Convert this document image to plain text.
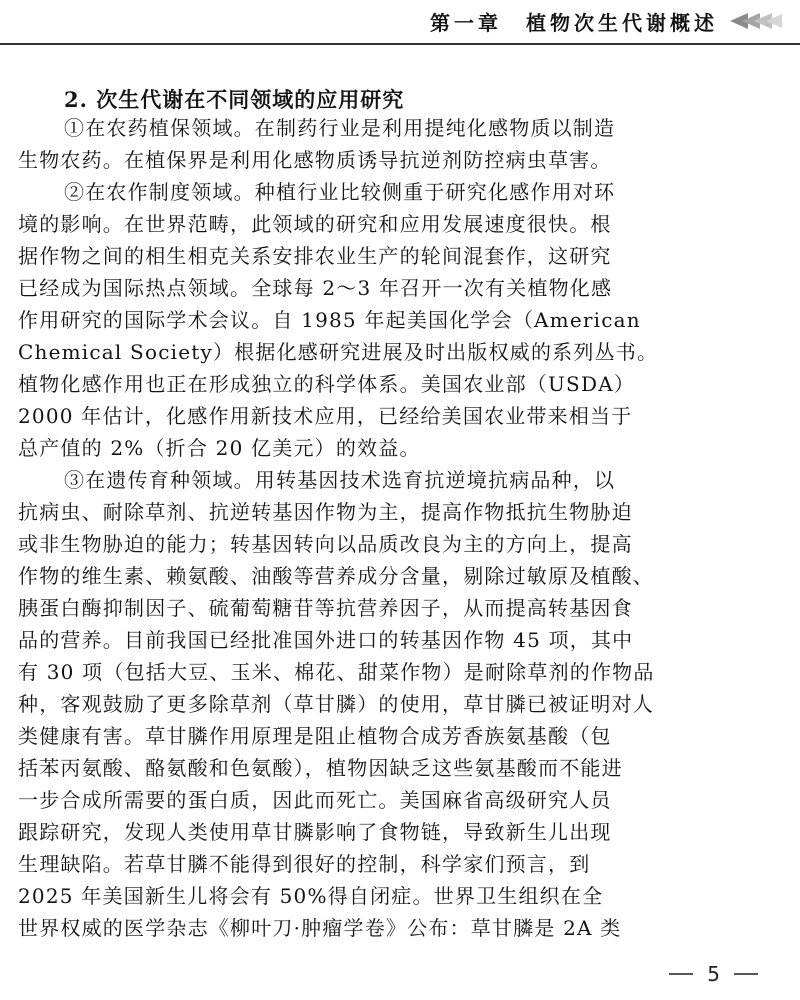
第一章　植物次生代谢概述
2. 次生代谢在不同领域的应用研究
①在农药植保领域。在制药行业是利用提纯化感物质以制造
生物农药。在植保界是利用化感物质诱导抗逆剂防控病虫草害。
②在农作制度领域。种植行业比较侧重于研究化感作用对环
境的影响。在世界范畴，此领域的研究和应用发展速度很快。根
据作物之间的相生相克关系安排农业生产的轮间混套作，这研究
已经成为国际热点领域。全球每 2～3 年召开一次有关植物化感
作用研究的国际学术会议。自 1985 年起美国化学会（American
Chemical Society）根据化感研究进展及时出版权威的系列丛书。
植物化感作用也正在形成独立的科学体系。美国农业部（USDA）
2000 年估计，化感作用新技术应用，已经给美国农业带来相当于
总产值的 2%（折合 20 亿美元）的效益。
③在遗传育种领域。用转基因技术选育抗逆境抗病品种，以
抗病虫、耐除草剂、抗逆转基因作物为主，提高作物抵抗生物胁迫
或非生物胁迫的能力；转基因转向以品质改良为主的方向上，提高
作物的维生素、赖氨酸、油酸等营养成分含量，剔除过敏原及植酸、
胰蛋白酶抑制因子、硫葡萄糖苷等抗营养因子，从而提高转基因食
品的营养。目前我国已经批准国外进口的转基因作物 45 项，其中
有 30 项（包括大豆、玉米、棉花、甜菜作物）是耐除草剂的作物品
种，客观鼓励了更多除草剂（草甘膦）的使用，草甘膦已被证明对人
类健康有害。草甘膦作用原理是阻止植物合成芳香族氨基酸（包
括苯丙氨酸、酪氨酸和色氨酸），植物因缺乏这些氨基酸而不能进
一步合成所需要的蛋白质，因此而死亡。美国麻省高级研究人员
跟踪研究，发现人类使用草甘膦影响了食物链，导致新生儿出现
生理缺陷。若草甘膦不能得到很好的控制，科学家们预言，到
2025 年美国新生儿将会有 50%得自闭症。世界卫生组织在全
世界权威的医学杂志《柳叶刀·肿瘤学卷》公布：草甘膦是 2A 类
5
